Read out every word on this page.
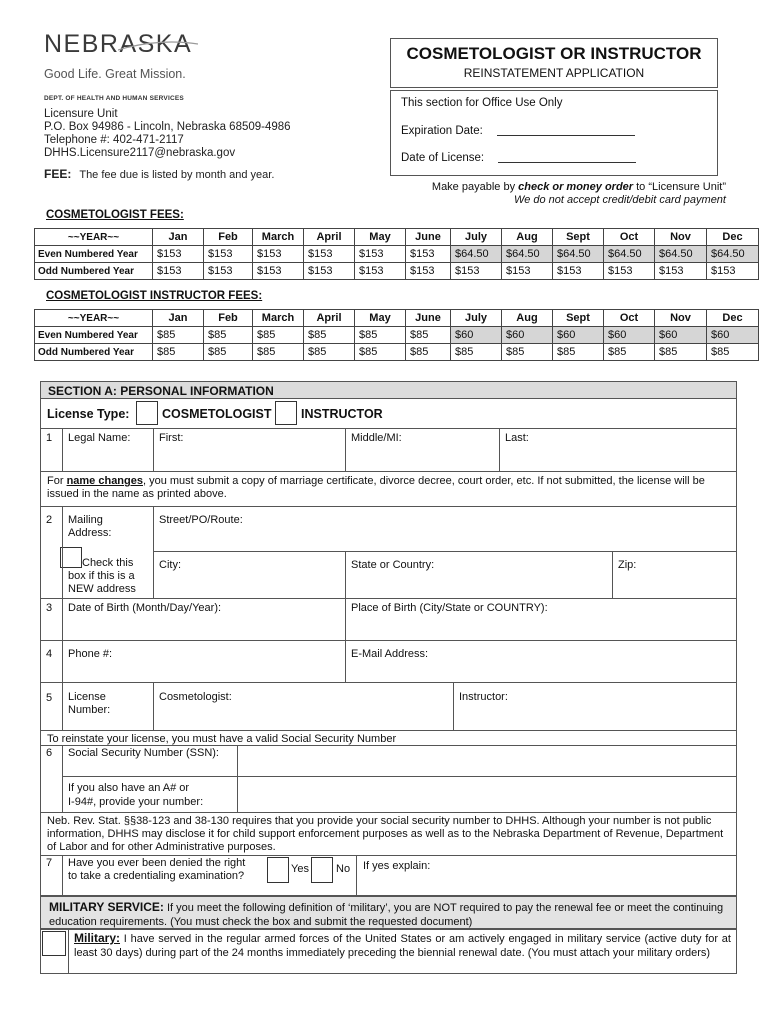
NEBRASKA
Good Life. Great Mission.
DEPT. OF HEALTH AND HUMAN SERVICES
Licensure Unit
P.O. Box 94986 - Lincoln, Nebraska 68509-4986
Telephone #: 402-471-2117
DHHS.Licensure2117@nebraska.gov
FEE: The fee due is listed by month and year.
COSMETOLOGIST OR INSTRUCTOR
REINSTATEMENT APPLICATION
This section for Office Use Only
Expiration Date:
Date of License:
Make payable by check or money order to “Licensure Unit”
We do not accept credit/debit card payment
COSMETOLOGIST FEES:
~~YEAR~~	Jan	Feb	March	April	May	June	July	Aug	Sept	Oct	Nov	Dec
Even Numbered Year	$153	$153	$153	$153	$153	$153	$64.50	$64.50	$64.50	$64.50	$64.50	$64.50
Odd Numbered Year	$153	$153	$153	$153	$153	$153	$153	$153	$153	$153	$153	$153
COSMETOLOGIST INSTRUCTOR FEES:
~~YEAR~~	Jan	Feb	March	April	May	June	July	Aug	Sept	Oct	Nov	Dec
Even Numbered Year	$85	$85	$85	$85	$85	$85	$60	$60	$60	$60	$60	$60
Odd Numbered Year	$85	$85	$85	$85	$85	$85	$85	$85	$85	$85	$85	$85
SECTION A: PERSONAL INFORMATION
License Type:	COSMETOLOGIST INSTRUCTOR
1 Legal Name:	First:	Middle/MI:	Last:
For name changes, you must submit a copy of marriage certificate, divorce decree, court order, etc. If not submitted, the license will be issued in the name as printed above.
2 Mailing
Address:
Street/PO/Route:
Check this
box if this is a
NEW address
City:	State or Country:	Zip:
3 Date of Birth (Month/Day/Year):	Place of Birth (City/State or COUNTRY):
4 Phone #:	E-Mail Address:
5 License
Number:
Cosmetologist:	Instructor:
To reinstate your license, you must have a valid Social Security Number
6 Social Security Number (SSN):
If you also have an A# or
I-94#, provide your number:
Neb. Rev. Stat. §§38-123 and 38-130 requires that you provide your social security number to DHHS. Although your number is not public information, DHHS may disclose it for child support enforcement purposes as well as to the Nebraska Department of Revenue, Department of Labor and for other Administrative purposes.
7 Have you ever been denied the right
to take a credentialing examination?
Yes No If yes explain:
MILITARY SERVICE: If you meet the following definition of ‘military’, you are NOT required to pay the renewal fee or meet the continuing education requirements. (You must check the box and submit the requested document)
Military: I have served in the regular armed forces of the United States or am actively engaged in military service (active duty for at least 30 days) during part of the 24 months immediately preceding the biennial renewal date. (You must attach your military orders)
